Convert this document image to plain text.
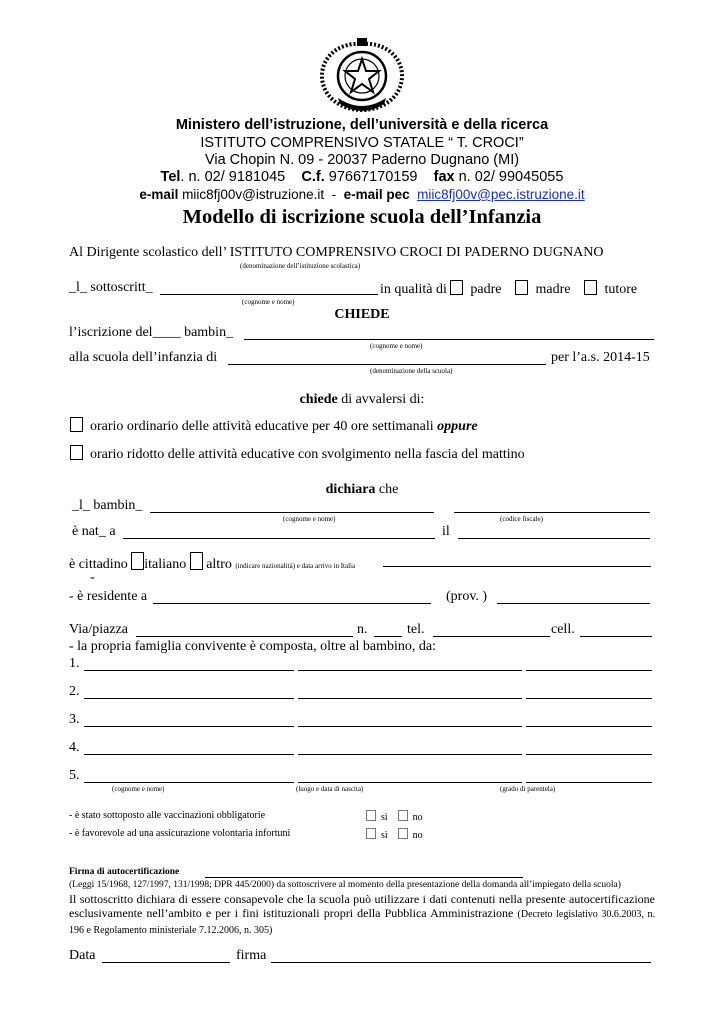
Ministero dell’istruzione, dell’università e della ricerca
ISTITUTO COMPRENSIVO STATALE “ T. CROCI”
Via Chopin N. 09 - 20037 Paderno Dugnano (MI)
Tel. n. 02/ 9181045 C.f. 97667170159 fax n. 02/ 99045055
e-mail miic8fj00v@istruzione.it  -  e-mail pec miic8fj00v@pec.istruzione.it
Modello di iscrizione scuola dell’Infanzia
Al Dirigente scolastico dell’ ISTITUTO COMPRENSIVO CROCI DI PADERNO DUGNANO
(denominazione dell’istituzione scolastica)
_l_ sottoscritt_
(cognome e nome)
in qualità di padre madre tutore
CHIEDE
l’iscrizione del____ bambin_
(cognome e nome)
alla scuola dell’infanzia di	per l’a.s. 2014-15
(denominazione della scuola)
chiede di avvalersi di:
orario ordinario delle attività educative per 40 ore settimanali oppure
orario ridotto delle attività educative con svolgimento nella fascia del mattino
dichiara che
_l_ bambin_
(cognome e nome)	(codice fiscale)
è nat_ a	il
è cittadino italiano altro (indicare nazionalità) e data arrivo in Italia
-
- è residente a	(prov. )
Via/piazza	n.	tel.	cell.
- la propria famiglia convivente è composta, oltre al bambino, da:
1.
2.
3.
4.
5.
(cognome e nome)	(luogo e data di nascita)	(grado di parentela)
- è stato sottoposto alle vaccinazioni obbligatorie	sì	no
- è favorevole ad una assicurazione volontaria infortuni	sì	no
Firma di autocertificazione
(Leggi 15/1968, 127/1997, 131/1998; DPR 445/2000) da sottoscrivere al momento della presentazione della domanda all’impiegato della scuola)
Il sottoscritto dichiara di essere consapevole che la scuola può utilizzare i dati contenuti nella presente autocertificazione esclusivamente nell’ambito e per i fini istituzionali propri della Pubblica Amministrazione (Decreto legislativo 30.6.2003, n. 196 e Regolamento ministeriale 7.12.2006, n. 305)
Data	firma
